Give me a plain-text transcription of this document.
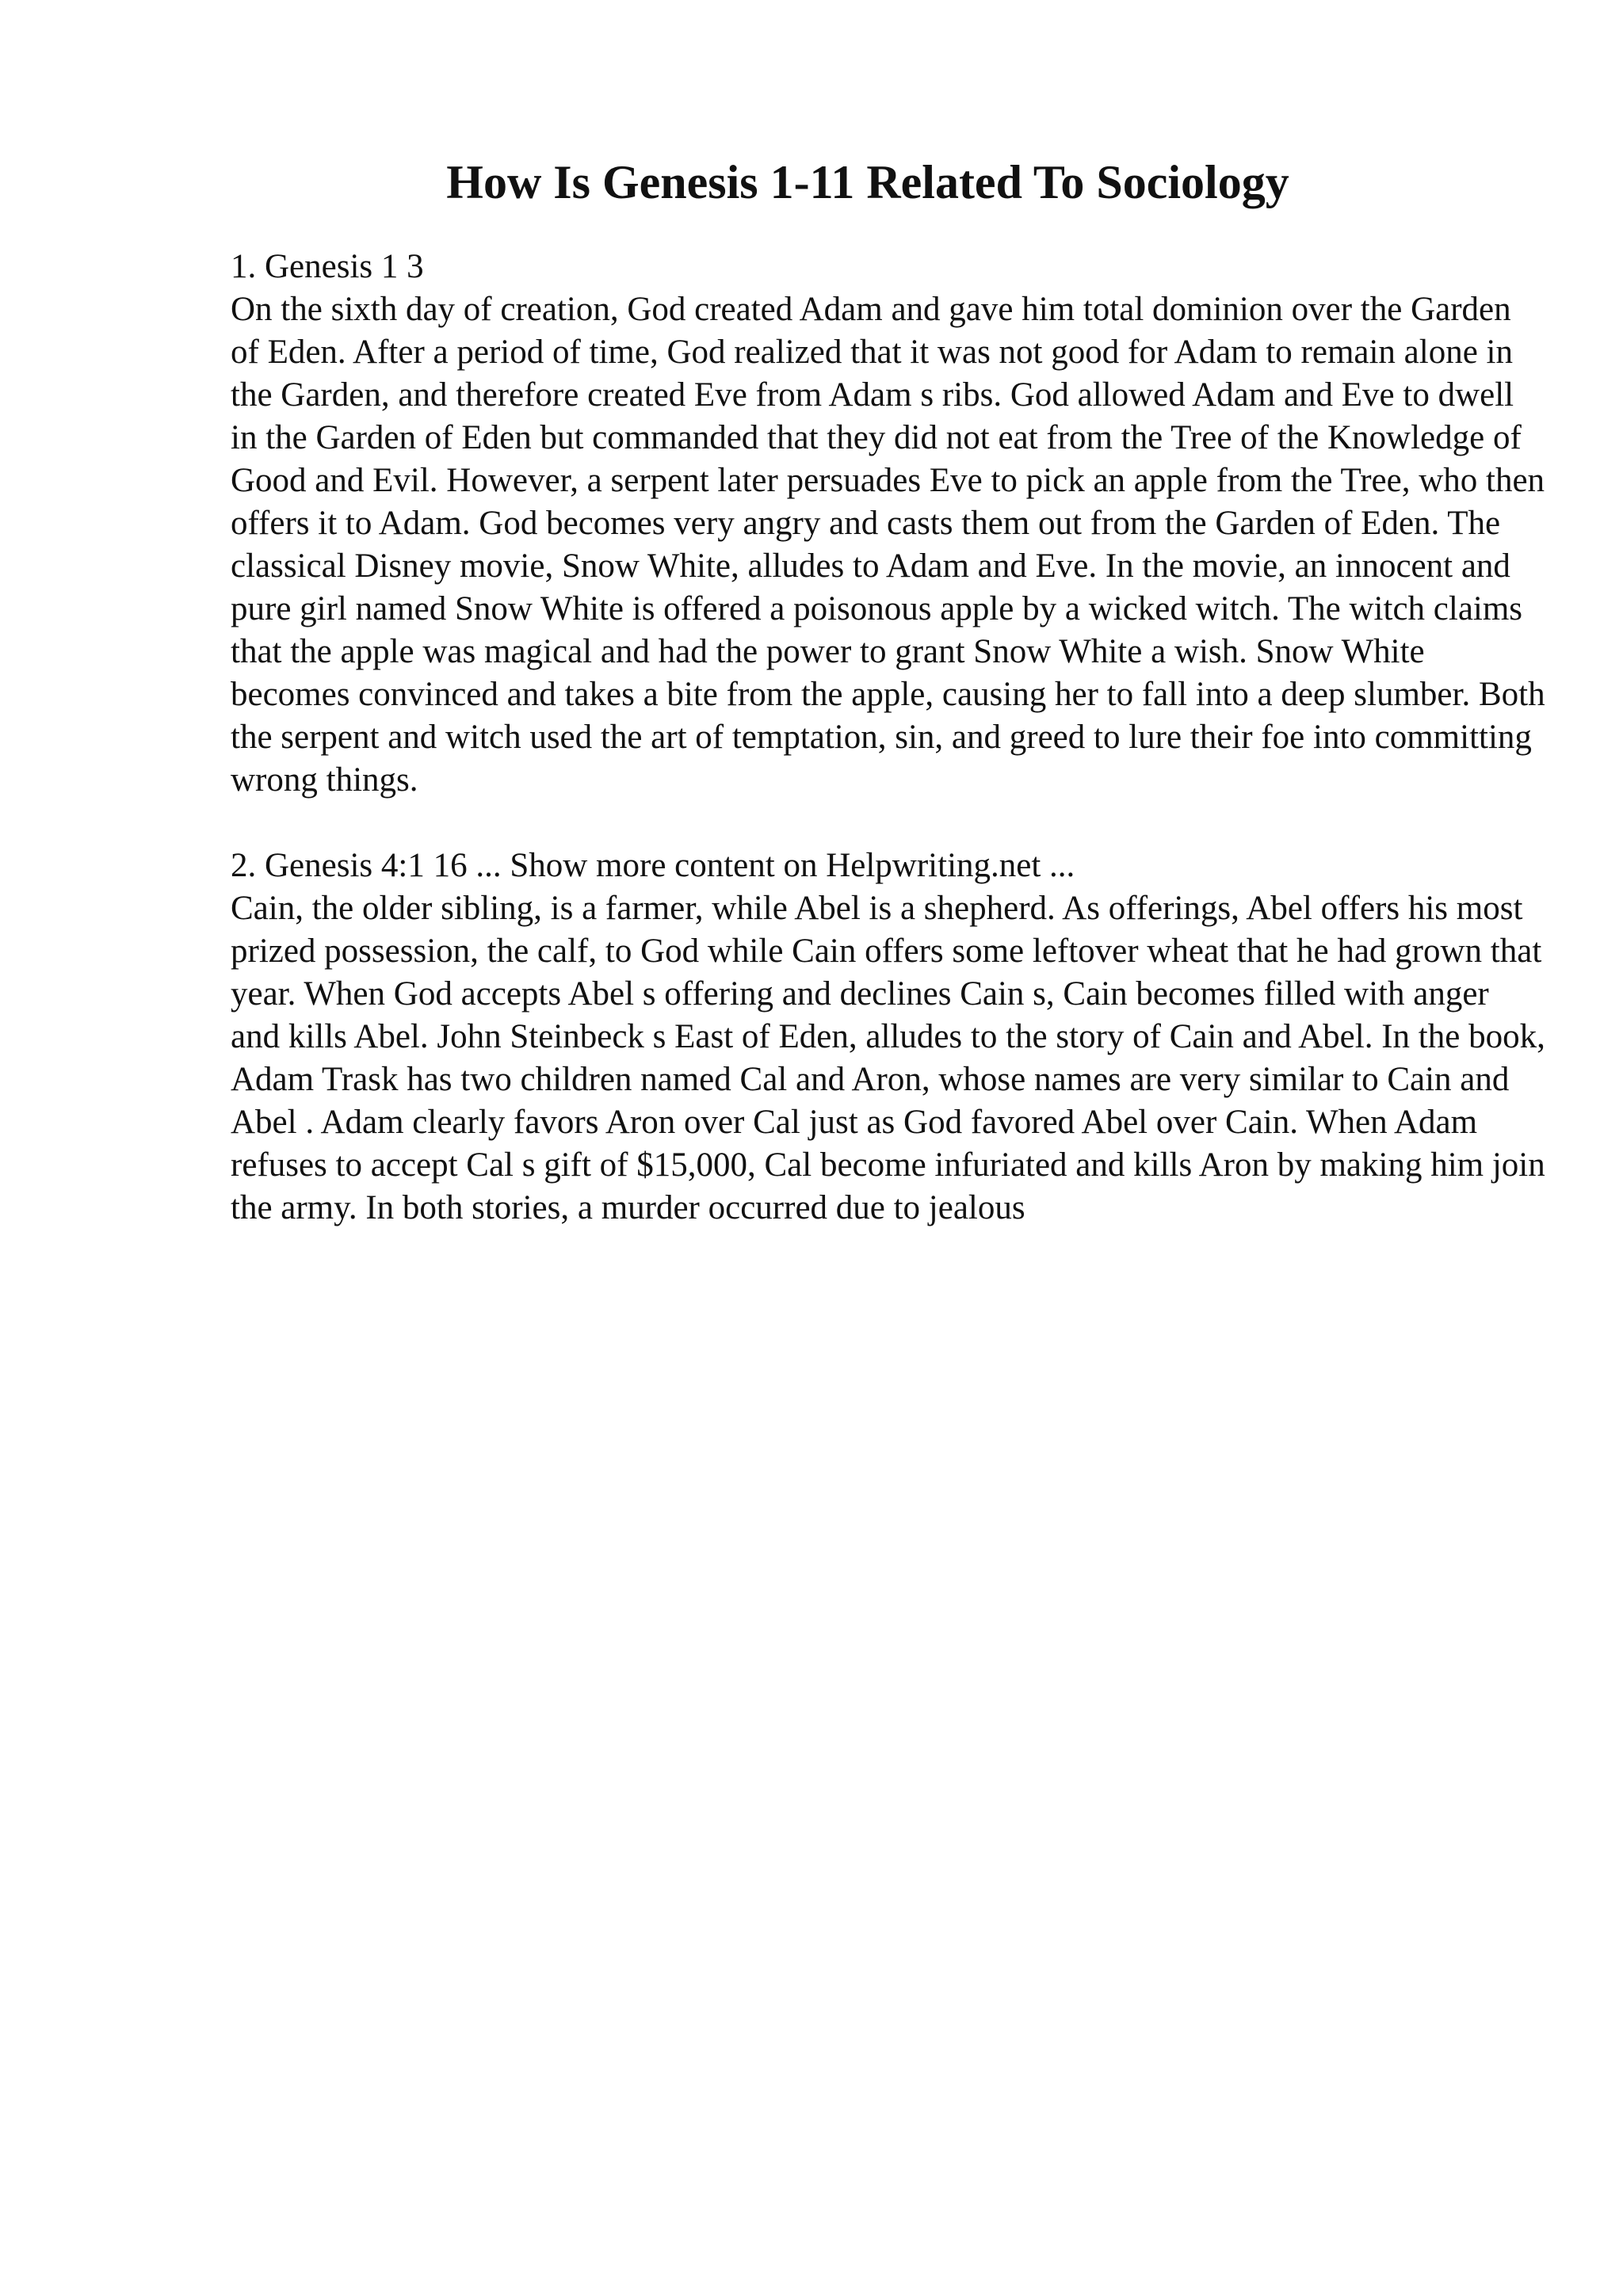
How Is Genesis 1-11 Related To Sociology
1. Genesis 1 3

On the sixth day of creation, God created Adam and gave him total dominion over the Garden of Eden. After a period of time, God realized that it was not good for Adam to remain alone in the Garden, and therefore created Eve from Adam s ribs. God allowed Adam and Eve to dwell in the Garden of Eden but commanded that they did not eat from the Tree of the Knowledge of Good and Evil. However, a serpent later persuades Eve to pick an apple from the Tree, who then offers it to Adam. God becomes very angry and casts them out from the Garden of Eden. The classical Disney movie, Snow White, alludes to Adam and Eve. In the movie, an innocent and pure girl named Snow White is offered a poisonous apple by a wicked witch. The witch claims that the apple was magical and had the power to grant Snow White a wish. Snow White becomes convinced and takes a bite from the apple, causing her to fall into a deep slumber. Both the serpent and witch used the art of temptation, sin, and greed to lure their foe into committing wrong things.

2. Genesis 4:1 16 ... Show more content on Helpwriting.net ...

Cain, the older sibling, is a farmer, while Abel is a shepherd. As offerings, Abel offers his most prized possession, the calf, to God while Cain offers some leftover wheat that he had grown that year. When God accepts Abel s offering and declines Cain s, Cain becomes filled with anger and kills Abel. John Steinbeck s East of Eden, alludes to the story of Cain and Abel. In the book, Adam Trask has two children named Cal and Aron, whose names are very similar to Cain and Abel . Adam clearly favors Aron over Cal just as God favored Abel over Cain. When Adam refuses to accept Cal s gift of $15,000, Cal become infuriated and kills Aron by making him join the army. In both stories, a murder occurred due to jealous
